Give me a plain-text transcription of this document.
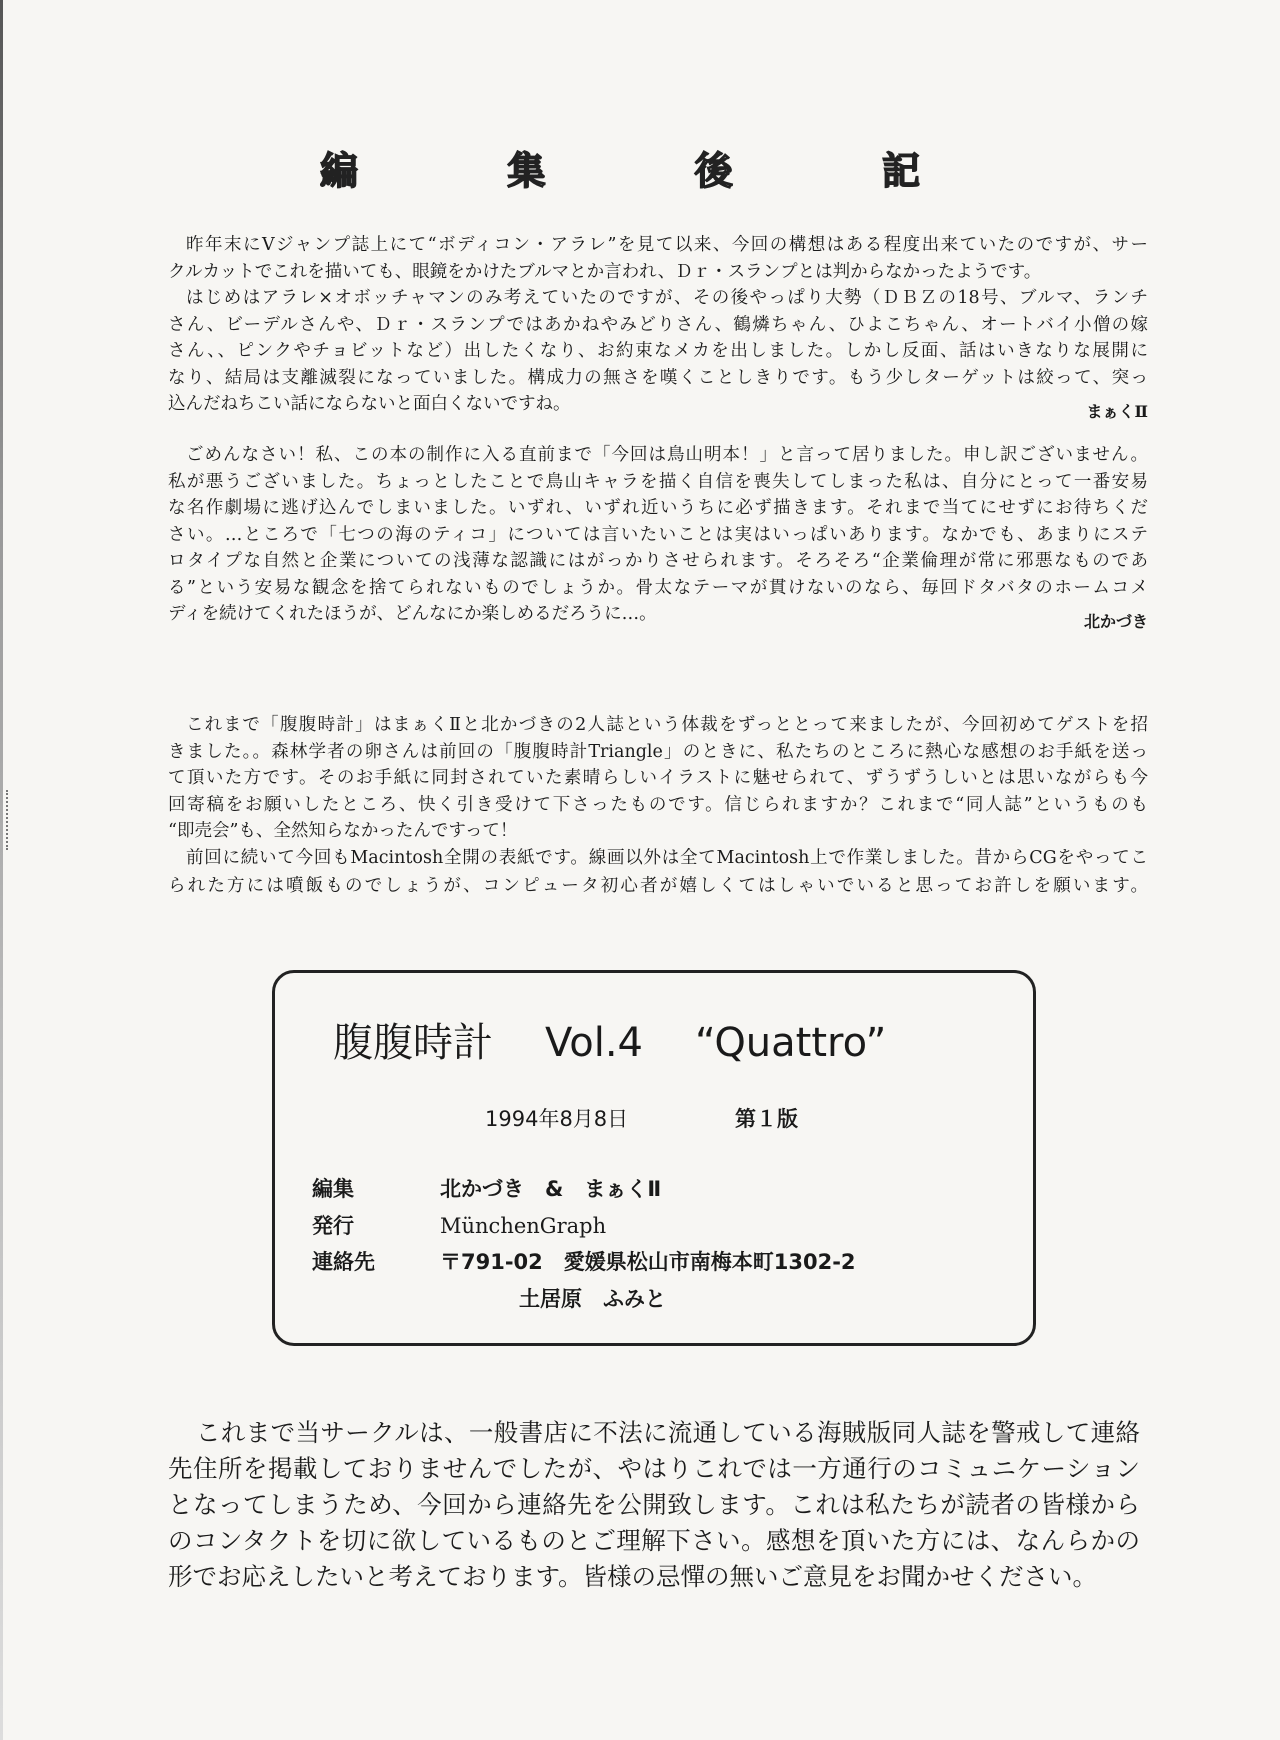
編	集	後	記
昨年末にVジャンプ誌上にて“ボディコン・アラレ”を見て以来、今回の構想はある程度出来ていたのですが、サー
クルカットでこれを描いても、眼鏡をかけたブルマとか言われ、Ｄｒ・スランプとは判からなかったようです。
はじめはアラレ×オボッチャマンのみ考えていたのですが、その後やっぱり大勢（ＤＢＺの18号、ブルマ、ランチ
さん、ビーデルさんや、Ｄｒ・スランプではあかねやみどりさん、鶴燐ちゃん、ひよこちゃん、オートバイ小僧の嫁
さん、、ピンクやチョビットなど）出したくなり、お約束なメカを出しました。しかし反面、話はいきなりな展開に
なり、結局は支離滅裂になっていました。構成力の無さを嘆くことしきりです。もう少しターゲットは絞って、突っ
込んだねちこい話にならないと面白くないですね。	まぁくⅡ
ごめんなさい！私、この本の制作に入る直前まで「今回は鳥山明本！」と言って居りました。申し訳ございません。
私が悪うございました。ちょっとしたことで鳥山キャラを描く自信を喪失してしまった私は、自分にとって一番安易
な名作劇場に逃げ込んでしまいました。いずれ、いずれ近いうちに必ず描きます。それまで当てにせずにお待ちくだ
さい。…ところで「七つの海のティコ」については言いたいことは実はいっぱいあります。なかでも、あまりにステ
ロタイプな自然と企業についての浅薄な認識にはがっかりさせられます。そろそろ“企業倫理が常に邪悪なものであ
る”という安易な観念を捨てられないものでしょうか。骨太なテーマが貫けないのなら、毎回ドタバタのホームコメ
ディを続けてくれたほうが、どんなにか楽しめるだろうに…。	北かづき
これまで「腹腹時計」はまぁくⅡと北かづきの2人誌という体裁をずっととって来ましたが、今回初めてゲストを招
きました。。森林学者の卵さんは前回の「腹腹時計Triangle」のときに、私たちのところに熱心な感想のお手紙を送っ
て頂いた方です。そのお手紙に同封されていた素晴らしいイラストに魅せられて、ずうずうしいとは思いながらも今
回寄稿をお願いしたところ、快く引き受けて下さったものです。信じられますか？これまで“同人誌”というものも
“即売会”も、全然知らなかったんですって！
前回に続いて今回もMacintosh全開の表紙です。線画以外は全てMacintosh上で作業しました。昔からCGをやってこ
られた方には噴飯ものでしょうが、コンピュータ初心者が嬉しくてはしゃいでいると思ってお許しを願います。
腹腹時計 Vol.4 “Quattro”
1994年8月8日	第１版
編集	北かづき　&　まぁくⅡ
発行	MünchenGraph
連絡先	〒791-02　愛媛県松山市南梅本町1302-2
土居原　ふみと
これまで当サークルは、一般書店に不法に流通している海賊版同人誌を警戒して連絡
先住所を掲載しておりませんでしたが、やはりこれでは一方通行のコミュニケーション
となってしまうため、今回から連絡先を公開致します。これは私たちが読者の皆様から
のコンタクトを切に欲しているものとご理解下さい。感想を頂いた方には、なんらかの
形でお応えしたいと考えております。皆様の忌憚の無いご意見をお聞かせください。
